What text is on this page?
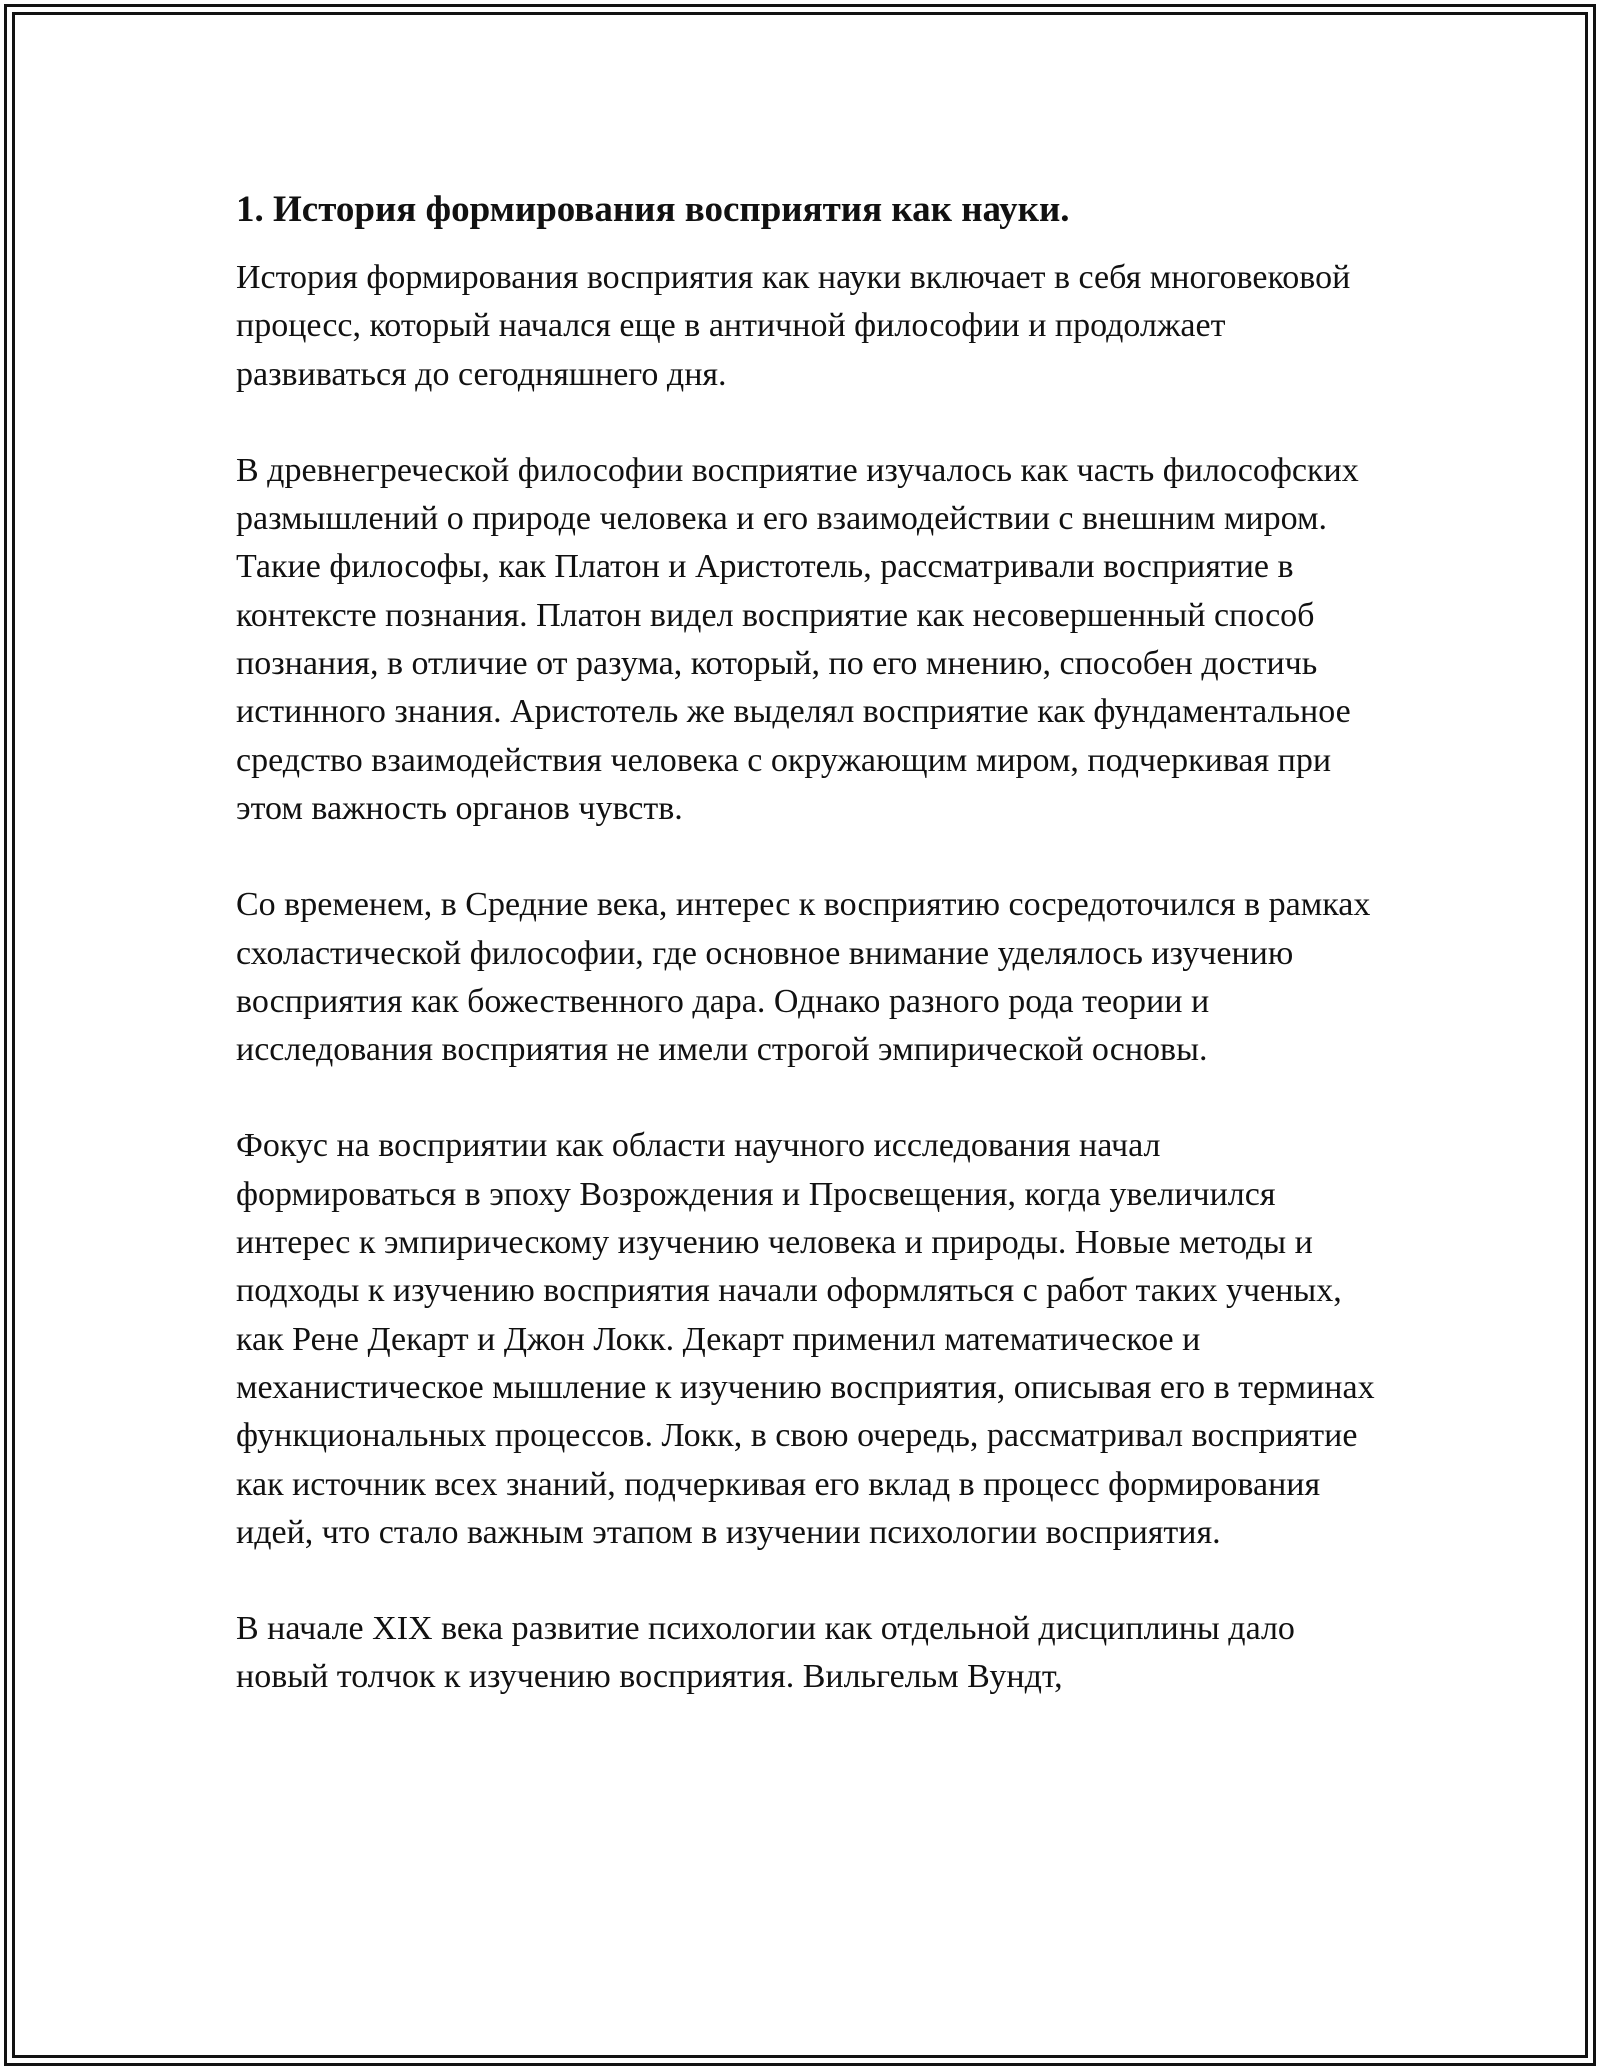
1. История формирования восприятия как науки.

История формирования восприятия как науки включает в себя многовековой процесс, который начался еще в античной философии и продолжает развиваться до сегодняшнего дня.

В древнегреческой философии восприятие изучалось как часть философских размышлений о природе человека и его взаимодействии с внешним миром. Такие философы, как Платон и Аристотель, рассматривали восприятие в контексте познания. Платон видел восприятие как несовершенный способ познания, в отличие от разума, который, по его мнению, способен достичь истинного знания. Аристотель же выделял восприятие как фундаментальное средство взаимодействия человека с окружающим миром, подчеркивая при этом важность органов чувств.

Со временем, в Средние века, интерес к восприятию сосредоточился в рамках схоластической философии, где основное внимание уделялось изучению восприятия как божественного дара. Однако разного рода теории и исследования восприятия не имели строгой эмпирической основы.

Фокус на восприятии как области научного исследования начал формироваться в эпоху Возрождения и Просвещения, когда увеличился интерес к эмпирическому изучению человека и природы. Новые методы и подходы к изучению восприятия начали оформляться с работ таких ученых, как Рене Декарт и Джон Локк. Декарт применил математическое и механистическое мышление к изучению восприятия, описывая его в терминах функциональных процессов. Локк, в свою очередь, рассматривал восприятие как источник всех знаний, подчеркивая его вклад в процесс формирования идей, что стало важным этапом в изучении психологии восприятия.

В начале XIX века развитие психологии как отдельной дисциплины дало новый толчок к изучению восприятия. Вильгельм Вундт,
